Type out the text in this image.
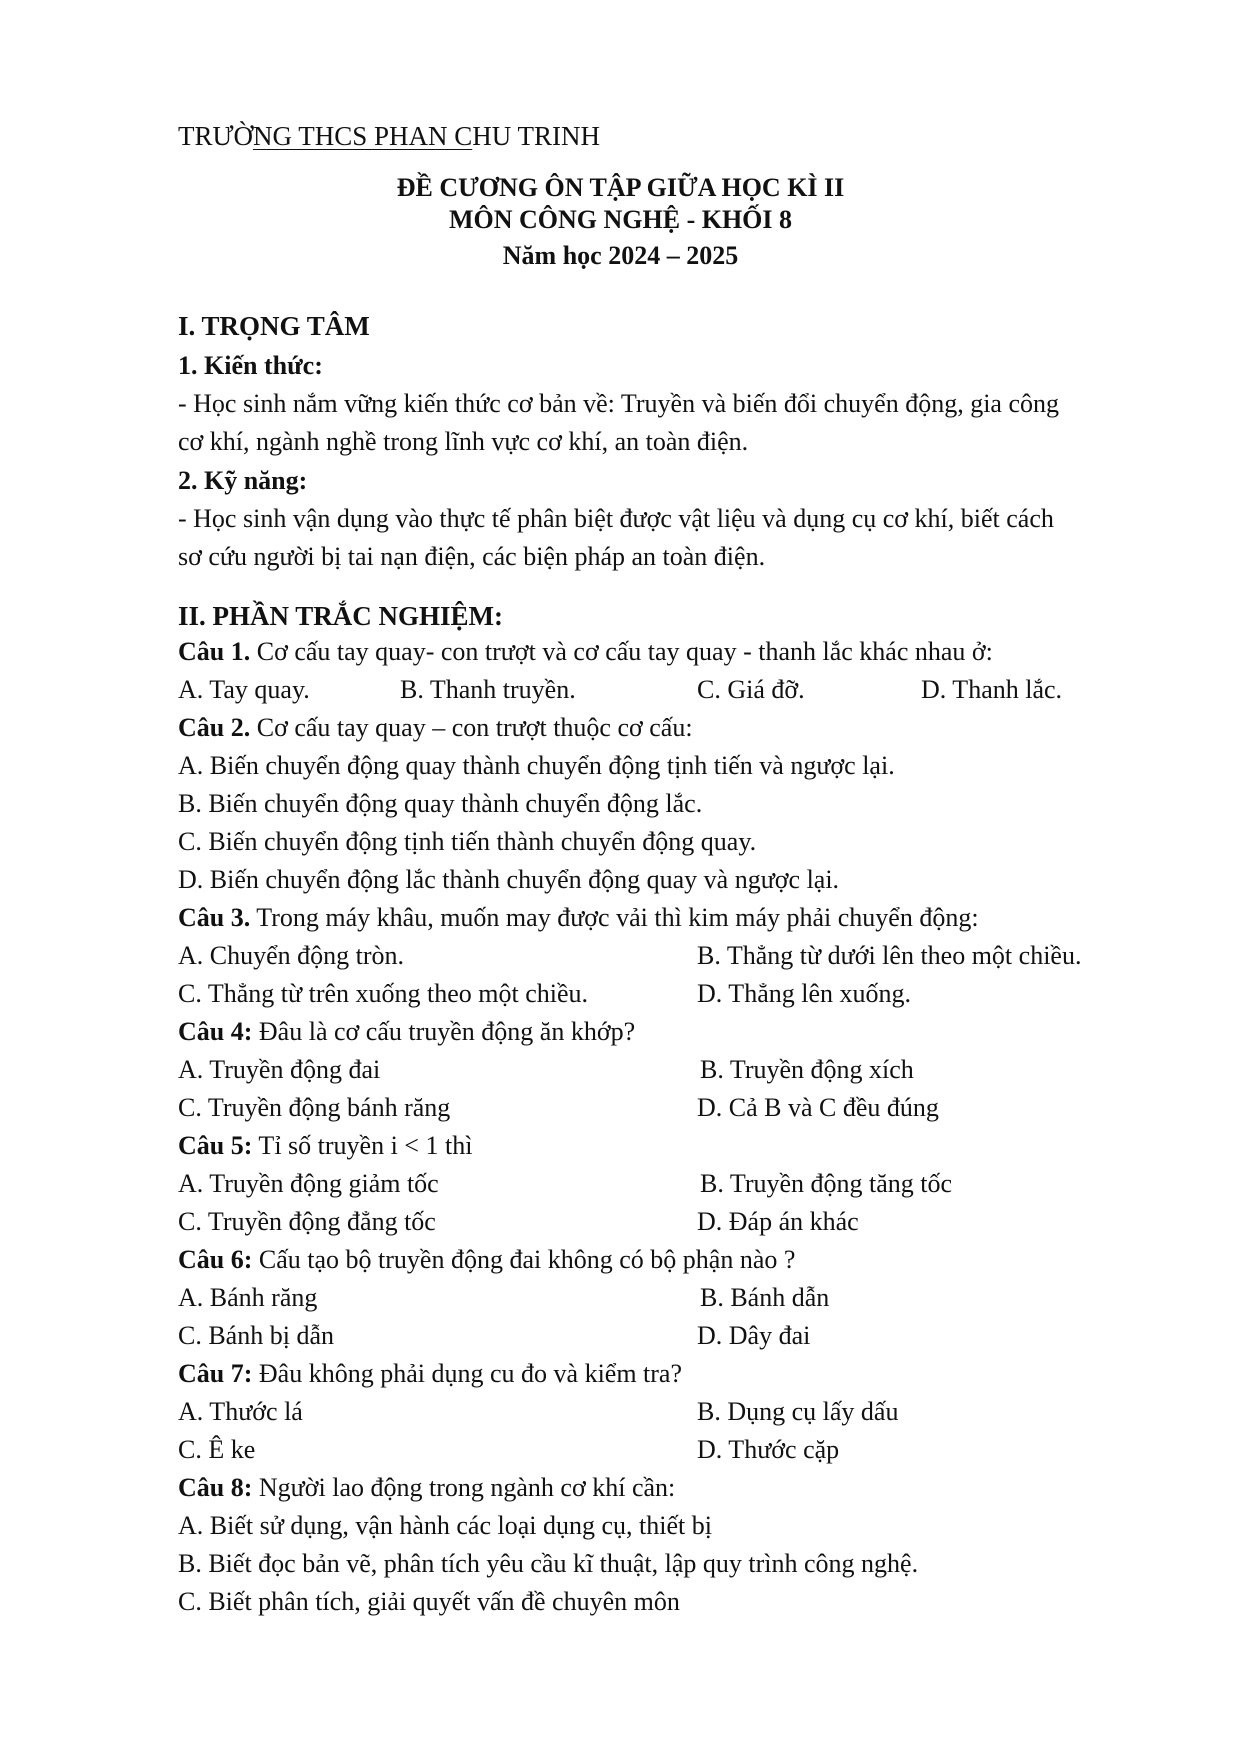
TRƯỜNG THCS PHAN CHU TRINH
ĐỀ CƯƠNG ÔN TẬP GIỮA HỌC KÌ II
MÔN CÔNG NGHỆ - KHỐI 8
Năm học 2024 – 2025
I. TRỌNG TÂM
1. Kiến thức:
- Học sinh nắm vững kiến thức cơ bản về: Truyền và biến đổi chuyển động, gia công
cơ khí, ngành nghề trong lĩnh vực cơ khí, an toàn điện.
2. Kỹ năng:
- Học sinh vận dụng vào thực tế phân biệt được vật liệu và dụng cụ cơ khí, biết cách
sơ cứu người bị tai nạn điện, các biện pháp an toàn điện.
II. PHẦN TRẮC NGHIỆM:
Câu 1. Cơ cấu tay quay- con trượt và cơ cấu tay quay - thanh lắc khác nhau ở:
A. Tay quay.	B. Thanh truyền.	C. Giá đỡ.	D. Thanh lắc.
Câu 2. Cơ cấu tay quay – con trượt thuộc cơ cấu:
A. Biến chuyển động quay thành chuyển động tịnh tiến và ngược lại.
B. Biến chuyển động quay thành chuyển động lắc.
C. Biến chuyển động tịnh tiến thành chuyển động quay.
D. Biến chuyển động lắc thành chuyển động quay và ngược lại.
Câu 3. Trong máy khâu, muốn may được vải thì kim máy phải chuyển động:
A. Chuyển động tròn.	B. Thẳng từ dưới lên theo một chiều.
C. Thẳng từ trên xuống theo một chiều.	D. Thẳng lên xuống.
Câu 4: Đâu là cơ cấu truyền động ăn khớp?
A. Truyền động đai	B. Truyền động xích
C. Truyền động bánh răng	D. Cả B và C đều đúng
Câu 5: Tỉ số truyền i < 1 thì
A. Truyền động giảm tốc	B. Truyền động tăng tốc
C. Truyền động đẳng tốc	D. Đáp án khác
Câu 6: Cấu tạo bộ truyền động đai không có bộ phận nào ?
A. Bánh răng	B. Bánh dẫn
C. Bánh bị dẫn	D. Dây đai
Câu 7: Đâu không phải dụng cu đo và kiểm tra?
A. Thước lá	B. Dụng cụ lấy dấu
C. Ê ke	D. Thước cặp
Câu 8: Người lao động trong ngành cơ khí cần:
A. Biết sử dụng, vận hành các loại dụng cụ, thiết bị
B. Biết đọc bản vẽ, phân tích yêu cầu kĩ thuật, lập quy trình công nghệ.
C. Biết phân tích, giải quyết vấn đề chuyên môn
